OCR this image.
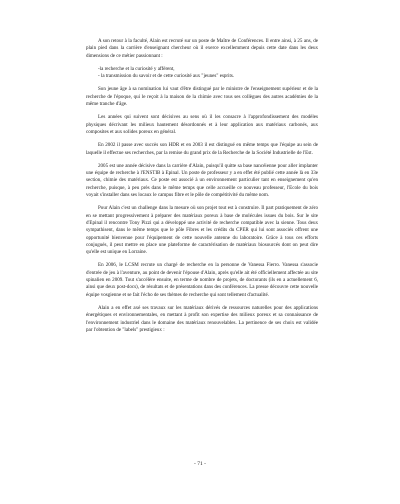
A son retour à la faculté, Alain est recruté sur un poste de Maître de Conférences. Il entre ainsi, à 25 ans, de plain pied dans la carrière d'enseignant chercheur où il exerce excellemment depuis cette date dans les deux dimensions de ce métier passionnant :

-la recherche et la curiosité y afférent,
- la transmission du savoir et de cette curiosité aux "jeunes" esprits.

Son jeune âge à sa nomination lui vaut d'être distingué par le ministre de l'enseignement supérieur et de la recherche de l'époque, qui le reçoit à la maison de la chimie avec tous ses collègues des autres académies de la même tranche d'âge.

Les années qui suivent sont décisives au sens où il les consacre à l'approfondissement des modèles physiques décrivant les milieux hautement désordonnés et à leur application aux matériaux carbonés, aux composites et aux solides poreux en général.

En 2002 il passe avec succès son HDR et en 2003 il est distingué en même temps que l'équipe au sein de laquelle il effectue ses recherches, par la remise du grand prix de la Recherche de la Société Industrielle de l'Est.

2005 est une année décisive dans la carrière d'Alain, puisqu'il quitte sa base nancéienne pour aller implanter une équipe de recherche à l'ENSTIB à Epinal. Un poste de professeur y a en effet été publié cette année là en 33e section, chimie des matériaux. Ce poste est associé à un environnement particulier tant en enseignement qu'en recherche, puisque, à peu près dans le même temps que celle accueille ce nouveau professeur, l'Ecole du bois voyait s'installer dans ses locaux le campus fibre et le pôle de compétitivité du même nom.

Pour Alain c'est un challenge dans la mesure où son projet tout est à construire. Il part pratiquement de zéro en se mettant progressivement à préparer des matériaux poreux à base de molécules issues du bois. Sur le site d'Epinal il rencontre Tony Pizzi qui a développé une activité de recherche compatible avec la sienne. Tous deux sympathisent, dans le même temps que le pôle Fibres et les crédits du CPER qui lui sont associés offrent une opportunité bienvenue pour l'équipement de cette nouvelle antenne du laboratoire. Grâce à tous ces efforts conjugués, il peut mettre en place une plateforme de caractérisation de matériaux biosourcés dont on peut dire qu'elle est unique en Lorraine.

En 2006, le LCSM recrute un chargé de recherche en la personne de Vanessa Fierro. Vanessa s'associe d'entrée de jeu à l'aventure, au point de devenir l'épouse d'Alain, après qu'elle ait été officiellement affectée au site spinalien en 2009. Tout s'accélère ensuite, en terme de nombre de projets, de doctorants (ils en a actuellement 6, ainsi que deux post-docs), de résultats et de présentations dans des conférences. La presse découvre cette nouvelle équipe vosgienne et se fait l'écho de ses thèmes de recherche qui sont tellement d'actualité.

Alain a en effet axé ses travaux sur les matériaux dérivés de ressources naturelles pour des applications énergétiques et environnementales, en mettant à profit son expertise des milieux poreux et sa connaissance de l'environnement industriel dans le domaine des matériaux renouvelables. La pertinence de ses choix est validée par l'obtention de "labels" prestigieux :

- 71 -
